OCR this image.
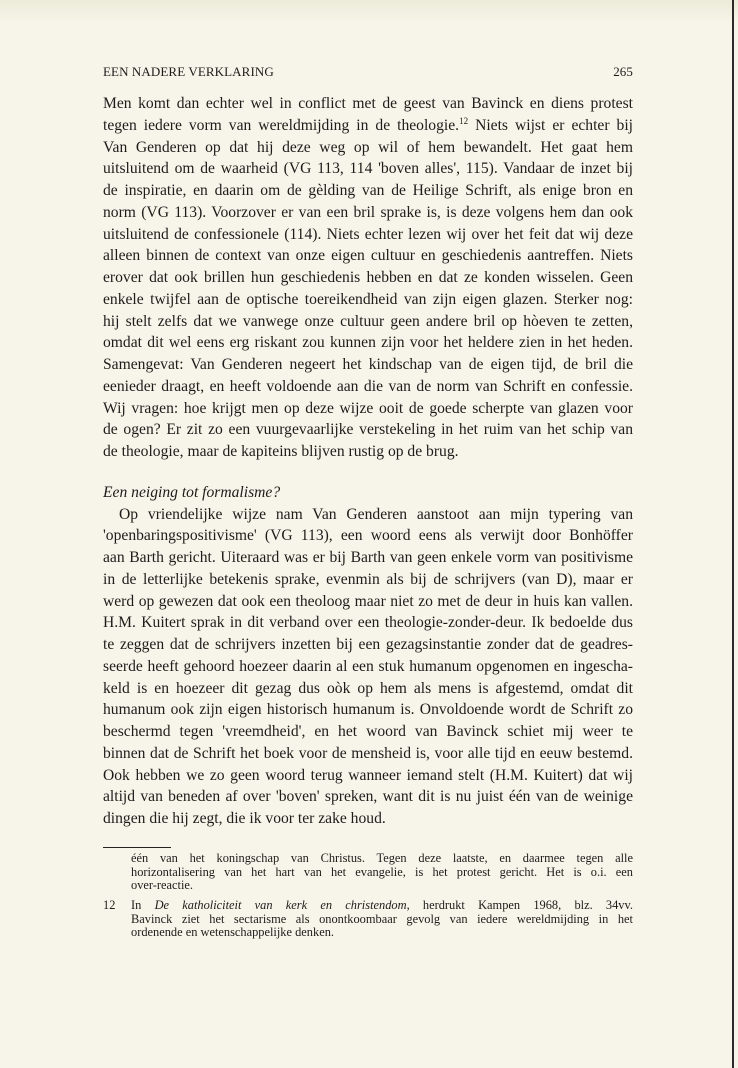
EEN NADERE VERKLARING	265
Men komt dan echter wel in conflict met de geest van Bavinck en diens protest
tegen iedere vorm van wereldmijding in de theologie.$^{12}$ Niets wijst er echter bij
Van Genderen op dat hij deze weg op wil of hem bewandelt. Het gaat hem
uitsluitend om de waarheid (VG 113, 114 'boven alles', 115). Vandaar de inzet bij
de inspiratie, en daarin om de gèlding van de Heilige Schrift, als enige bron en
norm (VG 113). Voorzover er van een bril sprake is, is deze volgens hem dan ook
uitsluitend de confessionele (114). Niets echter lezen wij over het feit dat wij deze
alleen binnen de context van onze eigen cultuur en geschiedenis aantreffen. Niets
erover dat ook brillen hun geschiedenis hebben en dat ze konden wisselen. Geen
enkele twijfel aan de optische toereikendheid van zijn eigen glazen. Sterker nog:
hij stelt zelfs dat we vanwege onze cultuur geen andere bril op hòeven te zetten,
omdat dit wel eens erg riskant zou kunnen zijn voor het heldere zien in het heden.
Samengevat: Van Genderen negeert het kindschap van de eigen tijd, de bril die
eenieder draagt, en heeft voldoende aan die van de norm van Schrift en confessie.
Wij vragen: hoe krijgt men op deze wijze ooit de goede scherpte van glazen voor
de ogen? Er zit zo een vuurgevaarlijke verstekeling in het ruim van het schip van
de theologie, maar de kapiteins blijven rustig op de brug.
Een neiging tot formalisme?
Op vriendelijke wijze nam Van Genderen aanstoot aan mijn typering van
'openbaringspositivisme' (VG 113), een woord eens als verwijt door Bonhöffer
aan Barth gericht. Uiteraard was er bij Barth van geen enkele vorm van positivisme
in de letterlijke betekenis sprake, evenmin als bij de schrijvers (van D), maar er
werd op gewezen dat ook een theoloog maar niet zo met de deur in huis kan vallen.
H.M. Kuitert sprak in dit verband over een theologie-zonder-deur. Ik bedoelde dus
te zeggen dat de schrijvers inzetten bij een gezagsinstantie zonder dat de geadres-
seerde heeft gehoord hoezeer daarin al een stuk humanum opgenomen en ingescha-
keld is en hoezeer dit gezag dus oòk op hem als mens is afgestemd, omdat dit
humanum ook zijn eigen historisch humanum is. Onvoldoende wordt de Schrift zo
beschermd tegen 'vreemdheid', en het woord van Bavinck schiet mij weer te
binnen dat de Schrift het boek voor de mensheid is, voor alle tijd en eeuw bestemd.
Ook hebben we zo geen woord terug wanneer iemand stelt (H.M. Kuitert) dat wij
altijd van beneden af over 'boven' spreken, want dit is nu juist één van de weinige
dingen die hij zegt, die ik voor ter zake houd.
één van het koningschap van Christus. Tegen deze laatste, en daarmee tegen alle
horizontalisering van het hart van het evangelie, is het protest gericht. Het is o.i. een
over-reactie.
12 In De katholiciteit van kerk en christendom, herdrukt Kampen 1968, blz. 34vv.
Bavinck ziet het sectarisme als onontkoombaar gevolg van iedere wereldmijding in het
ordenende en wetenschappelijke denken.
